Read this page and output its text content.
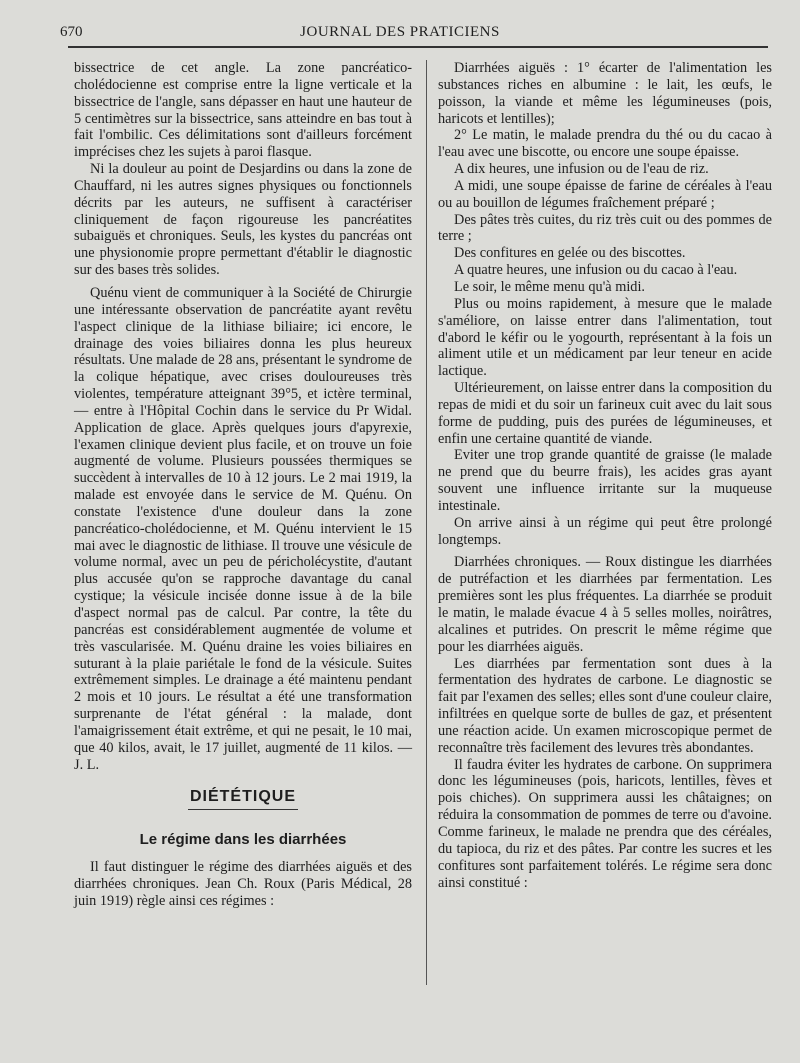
670	JOURNAL DES PRATICIENS

bissectrice de cet angle. La zone pancréatico-cholédocienne est comprise entre la ligne verticale et la bissectrice de l'angle, sans dépasser en haut une hauteur de 5 centimètres sur la bissectrice, sans atteindre en bas tout à fait l'ombilic. Ces délimitations sont d'ailleurs forcément imprécises chez les sujets à paroi flasque.

Ni la douleur au point de Desjardins ou dans la zone de Chauffard, ni les autres signes physiques ou fonctionnels décrits par les auteurs, ne suffisent à caractériser cliniquement de façon rigoureuse les pancréatites subaiguës et chroniques. Seuls, les kystes du pancréas ont une physionomie propre permettant d'établir le diagnostic sur des bases très solides.

Quénu vient de communiquer à la Société de Chirurgie une intéressante observation de pancréatite ayant revêtu l'aspect clinique de la lithiase biliaire; ici encore, le drainage des voies biliaires donna les plus heureux résultats. Une malade de 28 ans, présentant le syndrome de la colique hépatique, avec crises douloureuses très violentes, température atteignant 39°5, et ictère terminal, — entre à l'Hôpital Cochin dans le service du Pr Widal. Application de glace. Après quelques jours d'apyrexie, l'examen clinique devient plus facile, et on trouve un foie augmenté de volume. Plusieurs poussées thermiques se succèdent à intervalles de 10 à 12 jours. Le 2 mai 1919, la malade est envoyée dans le service de M. Quénu. On constate l'existence d'une douleur dans la zone pancréatico-cholédocienne, et M. Quénu intervient le 15 mai avec le diagnostic de lithiase. Il trouve une vésicule de volume normal, avec un peu de péricholécystite, d'autant plus accusée qu'on se rapproche davantage du canal cystique; la vésicule incisée donne issue à de la bile d'aspect normal pas de calcul. Par contre, la tête du pancréas est considérablement augmentée de volume et très vascularisée. M. Quénu draine les voies biliaires en suturant à la plaie pariétale le fond de la vésicule. Suites extrêmement simples. Le drainage a été maintenu pendant 2 mois et 10 jours. Le résultat a été une transformation surprenante de l'état général : la malade, dont l'amaigrissement était extrême, et qui ne pesait, le 10 mai, que 40 kilos, avait, le 17 juillet, augmenté de 11 kilos. — J. L.

DIÉTÉTIQUE
Le régime dans les diarrhées

Il faut distinguer le régime des diarrhées aiguës et des diarrhées chroniques. Jean Ch. Roux (Paris Médical, 28 juin 1919) règle ainsi ces régimes :

Diarrhées aiguës : 1° écarter de l'alimentation les substances riches en albumine : le lait, les œufs, le poisson, la viande et même les légumineuses (pois, haricots et lentilles);

2° Le matin, le malade prendra du thé ou du cacao à l'eau avec une biscotte, ou encore une soupe épaisse.

A dix heures, une infusion ou de l'eau de riz.

A midi, une soupe épaisse de farine de céréales à l'eau ou au bouillon de légumes fraîchement préparé ;

Des pâtes très cuites, du riz très cuit ou des pommes de terre ;

Des confitures en gelée ou des biscottes.

A quatre heures, une infusion ou du cacao à l'eau.

Le soir, le même menu qu'à midi.

Plus ou moins rapidement, à mesure que le malade s'améliore, on laisse entrer dans l'alimentation, tout d'abord le kéfir ou le yogourth, représentant à la fois un aliment utile et un médicament par leur teneur en acide lactique.

Ultérieurement, on laisse entrer dans la composition du repas de midi et du soir un farineux cuit avec du lait sous forme de pudding, puis des purées de légumineuses, et enfin une certaine quantité de viande.

Eviter une trop grande quantité de graisse (le malade ne prend que du beurre frais), les acides gras ayant souvent une influence irritante sur la muqueuse intestinale.

On arrive ainsi à un régime qui peut être prolongé longtemps.

Diarrhées chroniques. — Roux distingue les diarrhées de putréfaction et les diarrhées par fermentation. Les premières sont les plus fréquentes. La diarrhée se produit le matin, le malade évacue 4 à 5 selles molles, noirâtres, alcalines et putrides. On prescrit le même régime que pour les diarrhées aiguës.

Les diarrhées par fermentation sont dues à la fermentation des hydrates de carbone. Le diagnostic se fait par l'examen des selles; elles sont d'une couleur claire, infiltrées en quelque sorte de bulles de gaz, et présentent une réaction acide. Un examen microscopique permet de reconnaître très facilement des levures très abondantes.

Il faudra éviter les hydrates de carbone. On supprimera donc les légumineuses (pois, haricots, lentilles, fèves et pois chiches). On supprimera aussi les châtaignes; on réduira la consommation de pommes de terre ou d'avoine. Comme farineux, le malade ne prendra que des céréales, du tapioca, du riz et des pâtes. Par contre les sucres et les confitures sont parfaitement tolérés. Le régime sera donc ainsi constitué :
